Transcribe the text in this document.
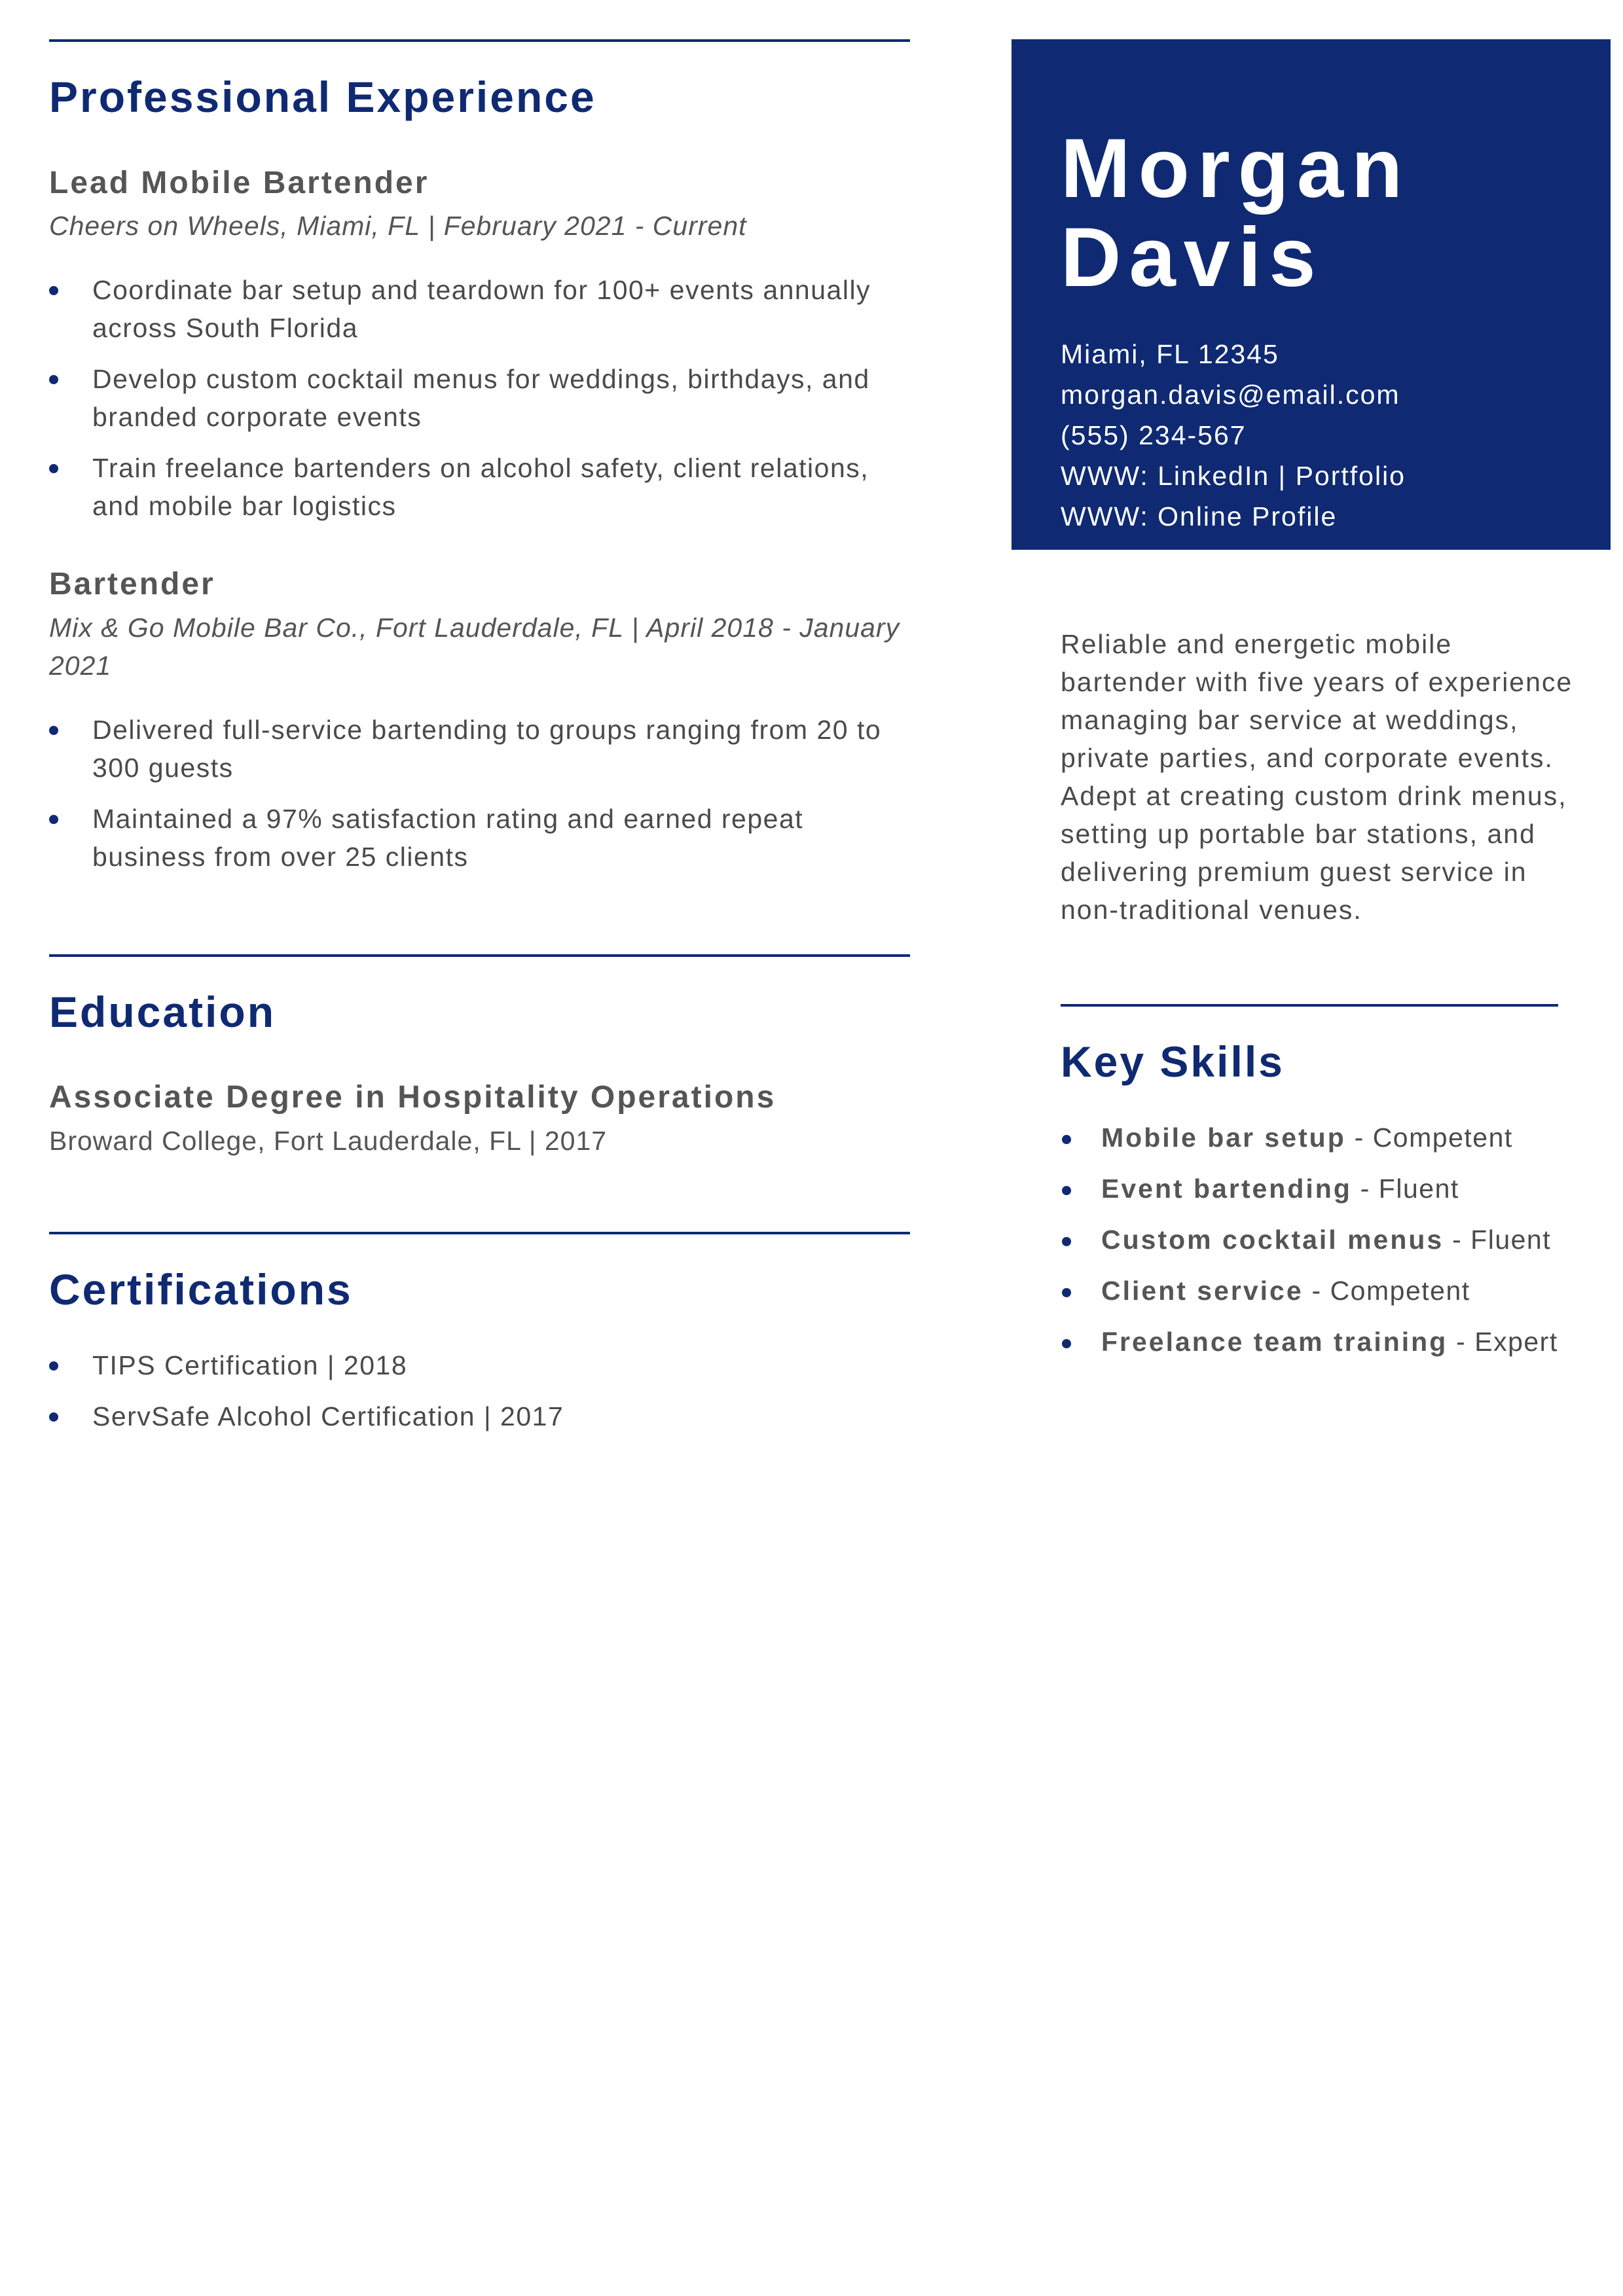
Professional Experience
Lead Mobile Bartender
Cheers on Wheels, Miami, FL | February 2021 - Current
Coordinate bar setup and teardown for 100+ events annually across South Florida
Develop custom cocktail menus for weddings, birthdays, and branded corporate events
Train freelance bartenders on alcohol safety, client relations, and mobile bar logistics
Bartender
Mix & Go Mobile Bar Co., Fort Lauderdale, FL | April 2018 - January 2021
Delivered full-service bartending to groups ranging from 20 to 300 guests
Maintained a 97% satisfaction rating and earned repeat business from over 25 clients
Education
Associate Degree in Hospitality Operations
Broward College, Fort Lauderdale, FL | 2017
Certifications
TIPS Certification | 2018
ServSafe Alcohol Certification | 2017
Morgan
Davis
Miami, FL 12345
morgan.davis@email.com
(555) 234-567
WWW: LinkedIn | Portfolio
WWW: Online Profile
Reliable and energetic mobile bartender with five years of experience managing bar service at weddings, private parties, and corporate events. Adept at creating custom drink menus, setting up portable bar stations, and delivering premium guest service in non-traditional venues.
Key Skills
Mobile bar setup - Competent
Event bartending - Fluent
Custom cocktail menus - Fluent
Client service - Competent
Freelance team training - Expert
